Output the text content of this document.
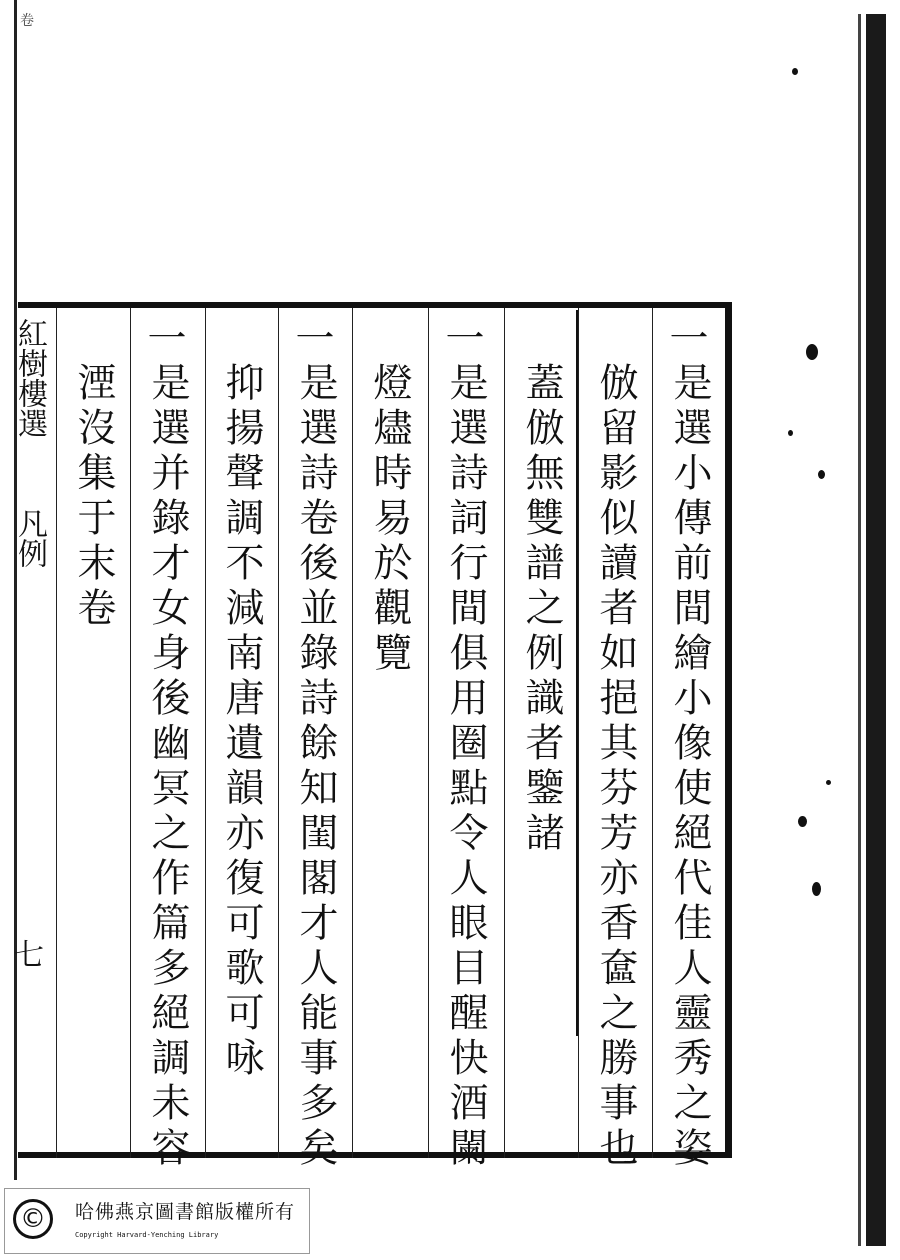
卷
一
是選小傳前間繪小像使絕代佳人靈秀之姿
倣留影似讀者如挹其芬芳亦香奩之勝事也
蓋倣無雙譜之例識者鑒諸
一
是選詩詞行間俱用圈點令人眼目醒快酒闌
燈燼時易於觀覽
一
是選詩卷後並錄詩餘知閨閣才人能事多矣
抑揚聲調不減南唐遺韻亦復可歌可咏
一
是選并錄才女身後幽冥之作篇多絕調未容
湮沒集于末卷
紅樹樓選
凡例
七
©	哈佛燕京圖書館版權所有
Copyright Harvard-Yenching Library
